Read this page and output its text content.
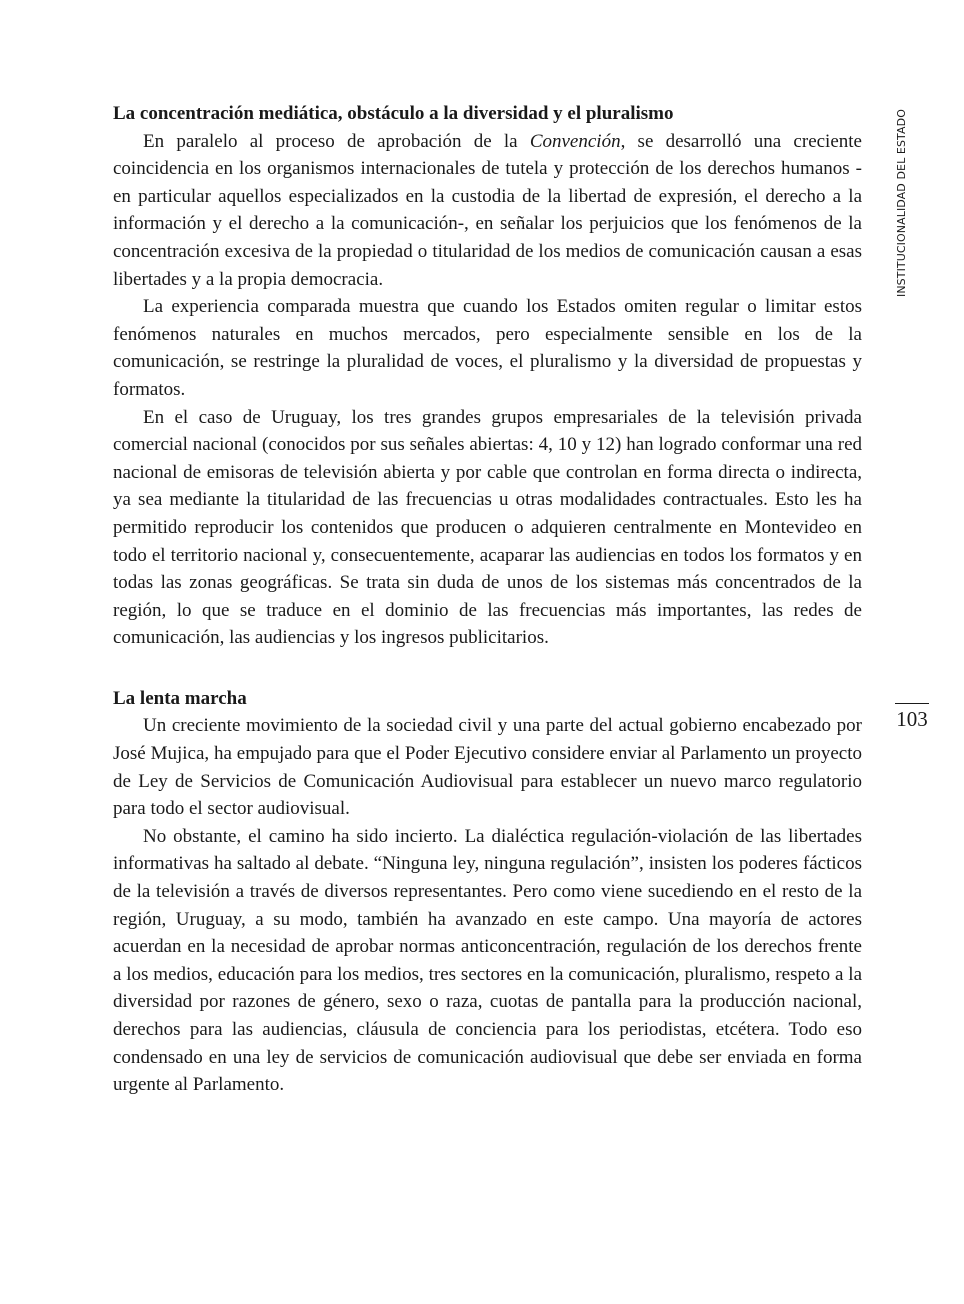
INSTITUCIONALIDAD DEL ESTADO
103
La concentración mediática, obstáculo a la diversidad y el pluralismo

En paralelo al proceso de aprobación de la Convención, se desarrolló una creciente coincidencia en los organismos internacionales de tutela y protección de los derechos humanos -en particular aquellos especializados en la custodia de la libertad de expresión, el derecho a la información y el derecho a la comunicación-, en señalar los perjuicios que los fenómenos de la concentración excesiva de la propiedad o titularidad de los medios de comunicación causan a esas libertades y a la propia democracia.

La experiencia comparada muestra que cuando los Estados omiten regular o limitar estos fenómenos naturales en muchos mercados, pero especialmente sensible en los de la comunicación, se restringe la pluralidad de voces, el pluralismo y la diversidad de propuestas y formatos.

En el caso de Uruguay, los tres grandes grupos empresariales de la televisión privada comercial nacional (conocidos por sus señales abiertas: 4, 10 y 12) han logrado conformar una red nacional de emisoras de televisión abierta y por cable que controlan en forma directa o indirecta, ya sea mediante la titularidad de las frecuencias u otras modalidades contractuales. Esto les ha permitido reproducir los contenidos que producen o adquieren centralmente en Montevideo en todo el territorio nacional y, consecuentemente, acaparar las audiencias en todos los formatos y en todas las zonas geográficas. Se trata sin duda de unos de los sistemas más concentrados de la región, lo que se traduce en el dominio de las frecuencias más importantes, las redes de comunicación, las audiencias y los ingresos publicitarios.

La lenta marcha

Un creciente movimiento de la sociedad civil y una parte del actual gobierno encabezado por José Mujica, ha empujado para que el Poder Ejecutivo considere enviar al Parlamento un proyecto de Ley de Servicios de Comunicación Audiovisual para establecer un nuevo marco regulatorio para todo el sector audiovisual.

No obstante, el camino ha sido incierto. La dialéctica regulación-violación de las libertades informativas ha saltado al debate. “Ninguna ley, ninguna regulación”, insisten los poderes fácticos de la televisión a través de diversos representantes. Pero como viene sucediendo en el resto de la región, Uruguay, a su modo, también ha avanzado en este campo. Una mayoría de actores acuerdan en la necesidad de aprobar normas anticoncentración, regulación de los derechos frente a los medios, educación para los medios, tres sectores en la comunicación, pluralismo, respeto a la diversidad por razones de género, sexo o raza, cuotas de pantalla para la producción nacional, derechos para las audiencias, cláusula de conciencia para los periodistas, etcétera. Todo eso condensado en una ley de servicios de comunicación audiovisual que debe ser enviada en forma urgente al Parlamento.
